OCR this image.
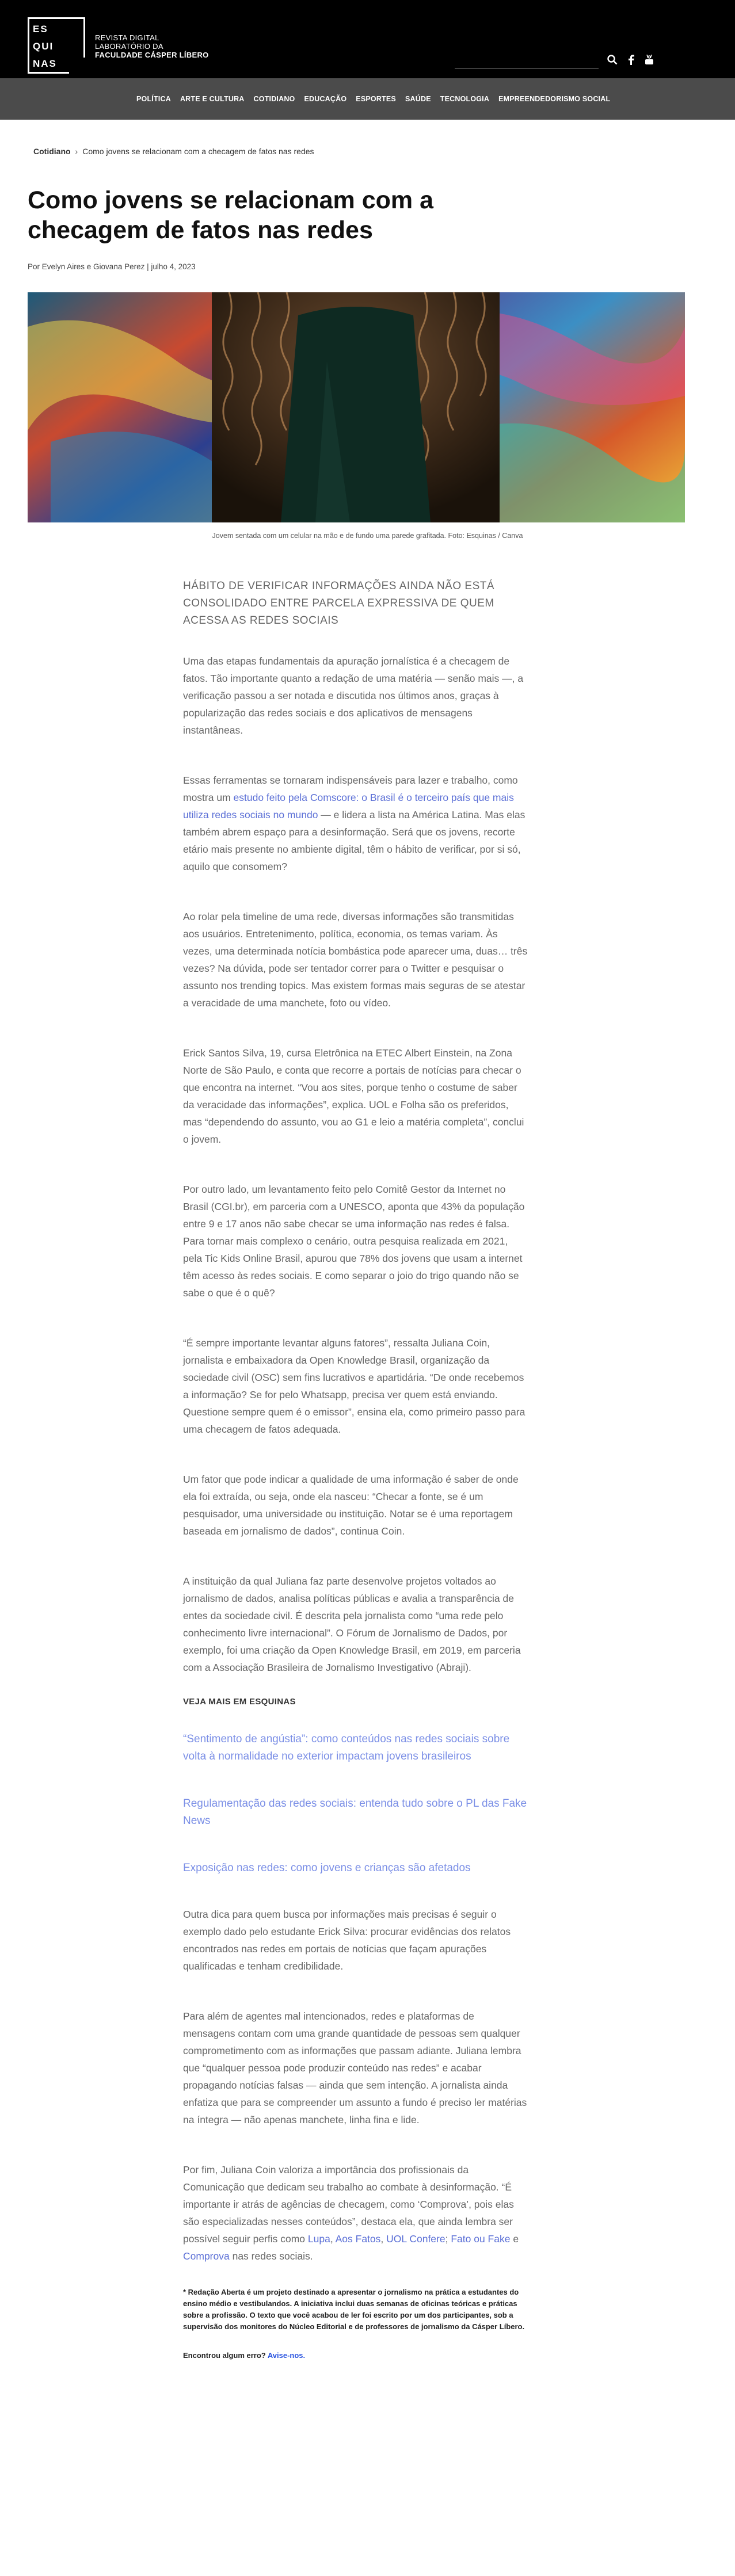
ES
QUI
NAS
REVISTA DIGITAL
LABORATÓRIO DA
FACULDADE CÁSPER LÍBERO
POLÍTICA ARTE E CULTURA COTIDIANO EDUCAÇÃO ESPORTES SAÚDE TECNOLOGIA EMPREENDEDORISMO SOCIAL
Cotidiano › Como jovens se relacionam com a checagem de fatos nas redes
Como jovens se relacionam com a checagem de fatos nas redes
Por Evelyn Aires e Giovana Perez | julho 4, 2023
Jovem sentada com um celular na mão e de fundo uma parede grafitada. Foto: Esquinas / Canva

HÁBITO DE VERIFICAR INFORMAÇÕES AINDA NÃO ESTÁ CONSOLIDADO ENTRE PARCELA EXPRESSIVA DE QUEM ACESSA AS REDES SOCIAIS

Uma das etapas fundamentais da apuração jornalística é a checagem de fatos. Tão importante quanto a redação de uma matéria — senão mais —, a verificação passou a ser notada e discutida nos últimos anos, graças à popularização das redes sociais e dos aplicativos de mensagens instantâneas.

Essas ferramentas se tornaram indispensáveis para lazer e trabalho, como mostra um estudo feito pela Comscore: o Brasil é o terceiro país que mais utiliza redes sociais no mundo — e lidera a lista na América Latina. Mas elas também abrem espaço para a desinformação. Será que os jovens, recorte etário mais presente no ambiente digital, têm o hábito de verificar, por si só, aquilo que consomem?

Ao rolar pela timeline de uma rede, diversas informações são transmitidas aos usuários. Entretenimento, política, economia, os temas variam. Às vezes, uma determinada notícia bombástica pode aparecer uma, duas… três vezes? Na dúvida, pode ser tentador correr para o Twitter e pesquisar o assunto nos trending topics. Mas existem formas mais seguras de se atestar a veracidade de uma manchete, foto ou vídeo.

Erick Santos Silva, 19, cursa Eletrônica na ETEC Albert Einstein, na Zona Norte de São Paulo, e conta que recorre a portais de notícias para checar o que encontra na internet. “Vou aos sites, porque tenho o costume de saber da veracidade das informações”, explica. UOL e Folha são os preferidos, mas “dependendo do assunto, vou ao G1 e leio a matéria completa”, conclui o jovem.

Por outro lado, um levantamento feito pelo Comitê Gestor da Internet no Brasil (CGI.br), em parceria com a UNESCO, aponta que 43% da população entre 9 e 17 anos não sabe checar se uma informação nas redes é falsa. Para tornar mais complexo o cenário, outra pesquisa realizada em 2021, pela Tic Kids Online Brasil, apurou que 78% dos jovens que usam a internet têm acesso às redes sociais. E como separar o joio do trigo quando não se sabe o que é o quê?

“É sempre importante levantar alguns fatores”, ressalta Juliana Coin, jornalista e embaixadora da Open Knowledge Brasil, organização da sociedade civil (OSC) sem fins lucrativos e apartidária. “De onde recebemos a informação? Se for pelo Whatsapp, precisa ver quem está enviando. Questione sempre quem é o emissor”, ensina ela, como primeiro passo para uma checagem de fatos adequada.

Um fator que pode indicar a qualidade de uma informação é saber de onde ela foi extraída, ou seja, onde ela nasceu: “Checar a fonte, se é um pesquisador, uma universidade ou instituição. Notar se é uma reportagem baseada em jornalismo de dados”, continua Coin.

A instituição da qual Juliana faz parte desenvolve projetos voltados ao jornalismo de dados, analisa políticas públicas e avalia a transparência de entes da sociedade civil. É descrita pela jornalista como “uma rede pelo conhecimento livre internacional”. O Fórum de Jornalismo de Dados, por exemplo, foi uma criação da Open Knowledge Brasil, em 2019, em parceria com a Associação Brasileira de Jornalismo Investigativo (Abraji).

VEJA MAIS EM ESQUINAS
“Sentimento de angústia”: como conteúdos nas redes sociais sobre volta à normalidade no exterior impactam jovens brasileiros
Regulamentação das redes sociais: entenda tudo sobre o PL das Fake News
Exposição nas redes: como jovens e crianças são afetados

Outra dica para quem busca por informações mais precisas é seguir o exemplo dado pelo estudante Erick Silva: procurar evidências dos relatos encontrados nas redes em portais de notícias que façam apurações qualificadas e tenham credibilidade.

Para além de agentes mal intencionados, redes e plataformas de mensagens contam com uma grande quantidade de pessoas sem qualquer comprometimento com as informações que passam adiante. Juliana lembra que “qualquer pessoa pode produzir conteúdo nas redes” e acabar propagando notícias falsas — ainda que sem intenção. A jornalista ainda enfatiza que para se compreender um assunto a fundo é preciso ler matérias na íntegra — não apenas manchete, linha fina e lide.

Por fim, Juliana Coin valoriza a importância dos profissionais da Comunicação que dedicam seu trabalho ao combate à desinformação. “É importante ir atrás de agências de checagem, como ‘Comprova’, pois elas são especializadas nesses conteúdos”, destaca ela, que ainda lembra ser possível seguir perfis como Lupa, Aos Fatos, UOL Confere; Fato ou Fake e Comprova nas redes sociais.

* Redação Aberta é um projeto destinado a apresentar o jornalismo na prática a estudantes do ensino médio e vestibulandos. A iniciativa inclui duas semanas de oficinas teóricas e práticas sobre a profissão. O texto que você acabou de ler foi escrito por um dos participantes, sob a supervisão dos monitores do Núcleo Editorial e de professores de jornalismo da Cásper Líbero.

Encontrou algum erro? Avise-nos.
